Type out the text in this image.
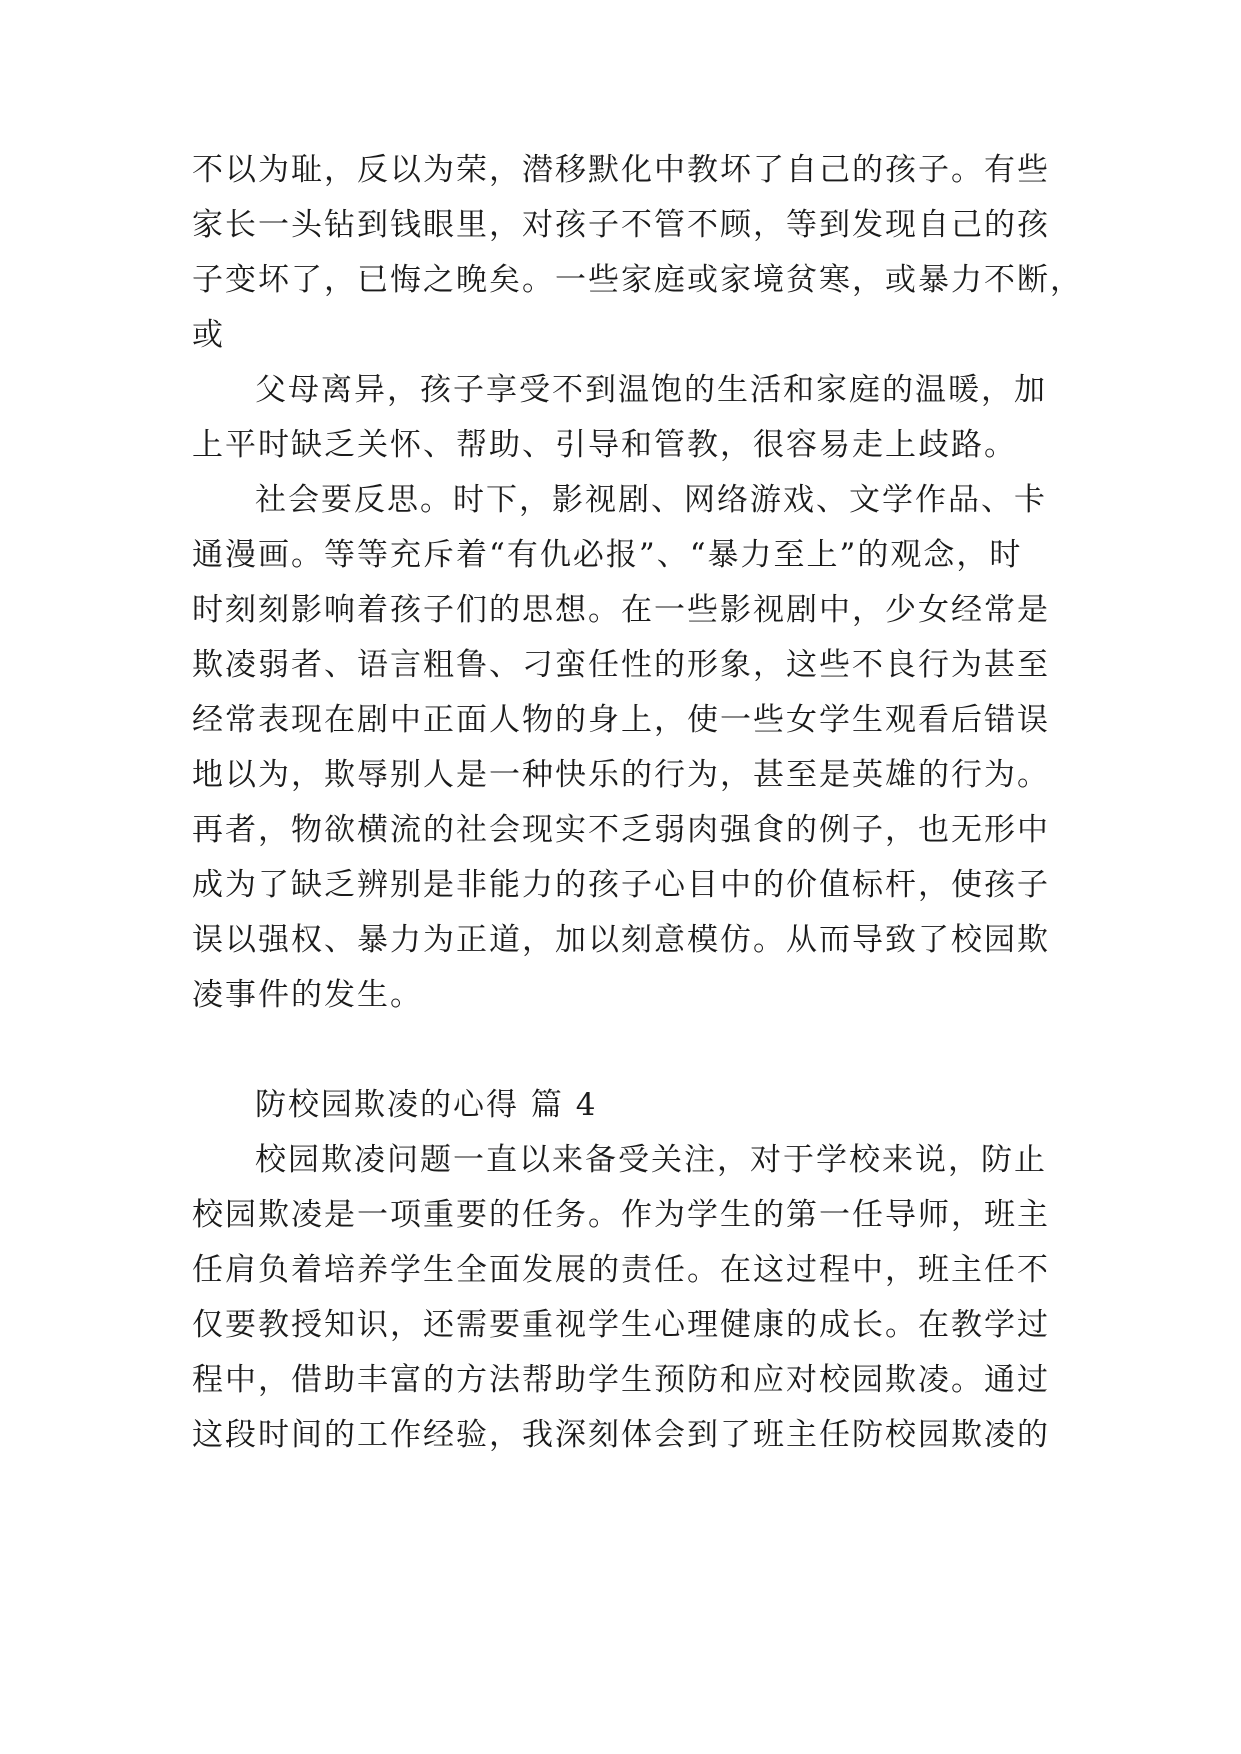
不以为耻，反以为荣，潜移默化中教坏了自己的孩子。有些
家长一头钻到钱眼里，对孩子不管不顾，等到发现自己的孩
子变坏了，已悔之晚矣。一些家庭或家境贫寒，或暴力不断，
或
父母离异，孩子享受不到温饱的生活和家庭的温暖，加
上平时缺乏关怀、帮助、引导和管教，很容易走上歧路。
社会要反思。时下，影视剧、网络游戏、文学作品、卡
通漫画。等等充斥着“有仇必报”、“暴力至上”的观念，时
时刻刻影响着孩子们的思想。在一些影视剧中，少女经常是
欺凌弱者、语言粗鲁、刁蛮任性的形象，这些不良行为甚至
经常表现在剧中正面人物的身上，使一些女学生观看后错误
地以为，欺辱别人是一种快乐的行为，甚至是英雄的行为。
再者，物欲横流的社会现实不乏弱肉强食的例子，也无形中
成为了缺乏辨别是非能力的孩子心目中的价值标杆，使孩子
误以强权、暴力为正道，加以刻意模仿。从而导致了校园欺
凌事件的发生。
防校园欺凌的心得 篇 4
校园欺凌问题一直以来备受关注，对于学校来说，防止
校园欺凌是一项重要的任务。作为学生的第一任导师，班主
任肩负着培养学生全面发展的责任。在这过程中，班主任不
仅要教授知识，还需要重视学生心理健康的成长。在教学过
程中，借助丰富的方法帮助学生预防和应对校园欺凌。通过
这段时间的工作经验，我深刻体会到了班主任防校园欺凌的
